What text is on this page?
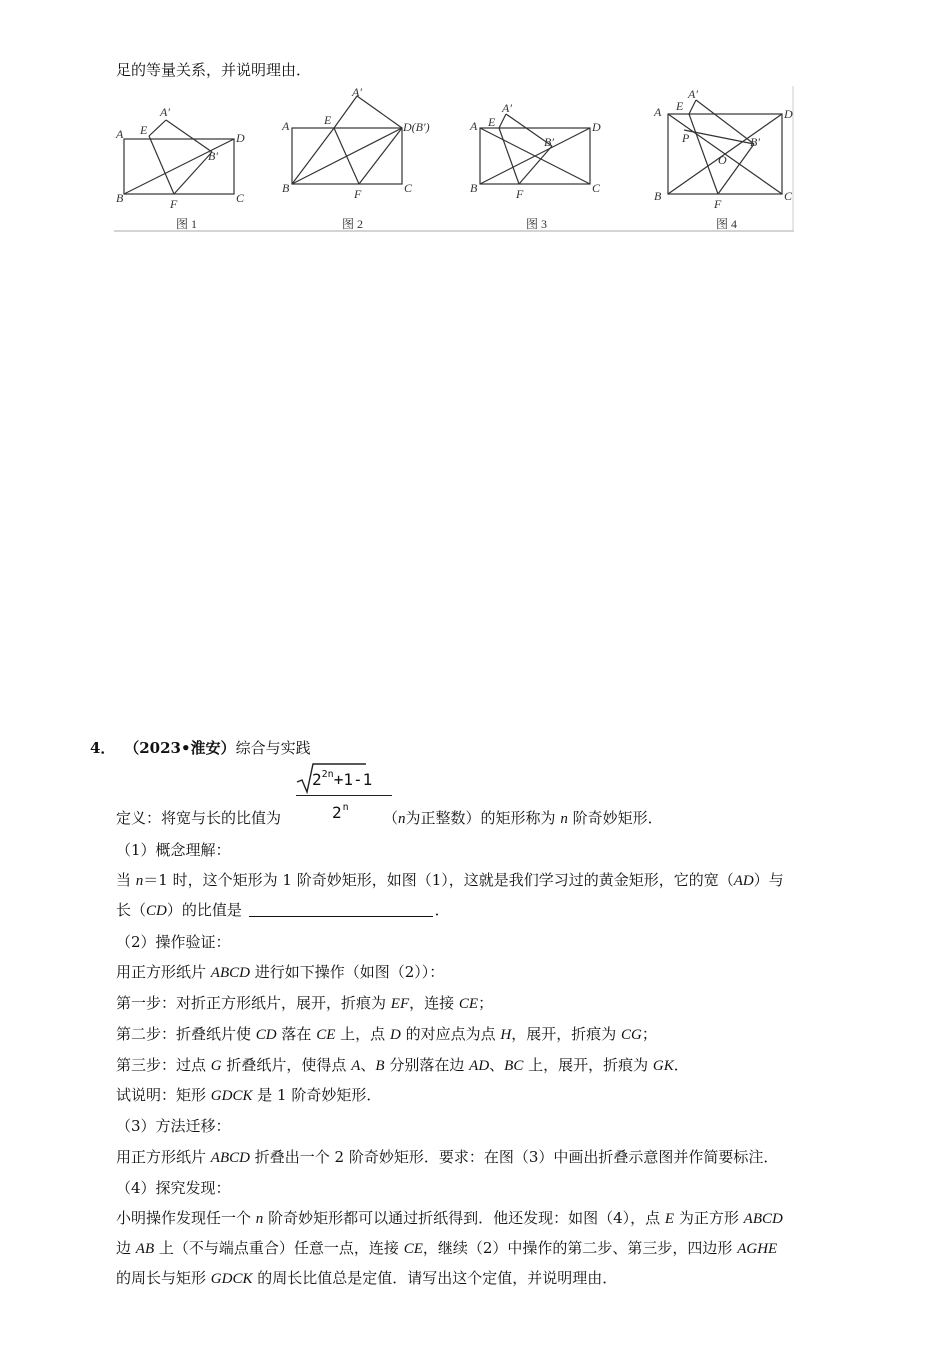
足的等量关系，并说明理由．
A
B	C
D
E
F
A′
B′
图 1
A
B	C
D(B′)
E
F
A′
图 2
A
B	C
D
E
F
A′
B′
图 3
A
B	C
D
E
F
A′
B′
P
O
图 4
4． （2023•淮安）综合与实践
$2^{2n}+1-1$
2$^n$
定义：将宽与长的比值为	（n为正整数）的矩形称为 n 阶奇妙矩形．
（1）概念理解：
当 n＝1 时，这个矩形为 1 阶奇妙矩形，如图（1），这就是我们学习过的黄金矩形，它的宽（AD）与
长（CD）的比值是	．
（2）操作验证：
用正方形纸片 ABCD 进行如下操作（如图（2））：
第一步：对折正方形纸片，展开，折痕为 EF，连接 CE；
第二步：折叠纸片使 CD 落在 CE 上，点 D 的对应点为点 H，展开，折痕为 CG；
第三步：过点 G 折叠纸片，使得点 A、B 分别落在边 AD、BC 上，展开，折痕为 GK．
试说明：矩形 GDCK 是 1 阶奇妙矩形．
（3）方法迁移：
用正方形纸片 ABCD 折叠出一个 2 阶奇妙矩形．要求：在图（3）中画出折叠示意图并作简要标注．
（4）探究发现：
小明操作发现任一个 n 阶奇妙矩形都可以通过折纸得到．他还发现：如图（4），点 E 为正方形 ABCD
边 AB 上（不与端点重合）任意一点，连接 CE，继续（2）中操作的第二步、第三步，四边形 AGHE
的周长与矩形 GDCK 的周长比值总是定值．请写出这个定值，并说明理由．
